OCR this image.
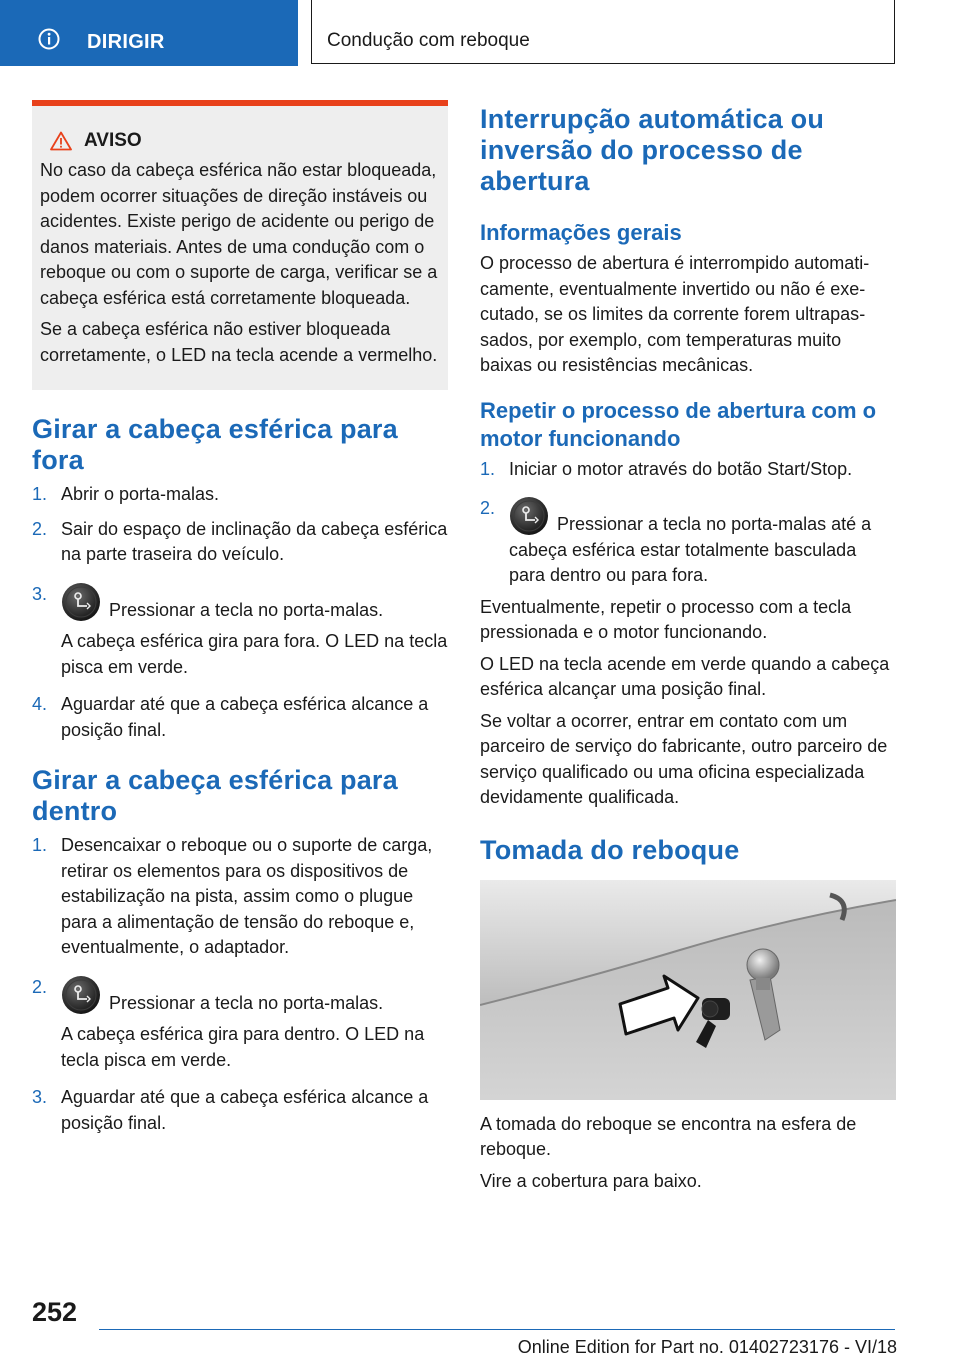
DIRIGIR	Condução com reboque
AVISO

No caso da cabeça esférica não estar bloqueada, podem ocorrer situações de direção instáveis ou acidentes. Existe perigo de acidente ou perigo de danos materiais. Antes de uma condução com o reboque ou com o suporte de carga, verificar se a cabeça esférica está corretamente bloqueada.

Se a cabeça esférica não estiver bloqueada corretamente, o LED na tecla acende a vermelho.

Girar a cabeça esférica para fora
1. Abrir o porta-malas.
2. Sair do espaço de inclinação da cabeça esférica na parte traseira do veículo.
3.
Pressionar a tecla no porta-malas.
A cabeça esférica gira para fora. O LED na tecla pisca em verde.
4. Aguardar até que a cabeça esférica alcance a posição final.
Girar a cabeça esférica para dentro
1. Desencaixar o reboque ou o suporte de carga, retirar os elementos para os dispositivos de estabilização na pista, assim como o plugue para a alimentação de tensão do reboque e, eventualmente, o adaptador.
2.
Pressionar a tecla no porta-malas.
A cabeça esférica gira para dentro. O LED na tecla pisca em verde.
3. Aguardar até que a cabeça esférica alcance a posição final.
Interrupção automática ou inversão do processo de abertura
Informações gerais

O processo de abertura é interrompido automaticamente, eventualmente invertido ou não é executado, se os limites da corrente forem ultrapassados, por exemplo, com temperaturas muito baixas ou resistências mecânicas.

Repetir o processo de abertura com o motor funcionando
1. Iniciar o motor através do botão Start/Stop.
2.
Pressionar a tecla no porta-malas até a cabeça esférica estar totalmente basculada para dentro ou para fora.

Eventualmente, repetir o processo com a tecla pressionada e o motor funcionando.

O LED na tecla acende em verde quando a cabeça esférica alcançar uma posição final.

Se voltar a ocorrer, entrar em contato com um parceiro de serviço do fabricante, outro parceiro de serviço qualificado ou uma oficina especializada devidamente qualificada.

Tomada do reboque

A tomada do reboque se encontra na esfera de reboque.

Vire a cobertura para baixo.

252
Online Edition for Part no. 01402723176 - VI/18
